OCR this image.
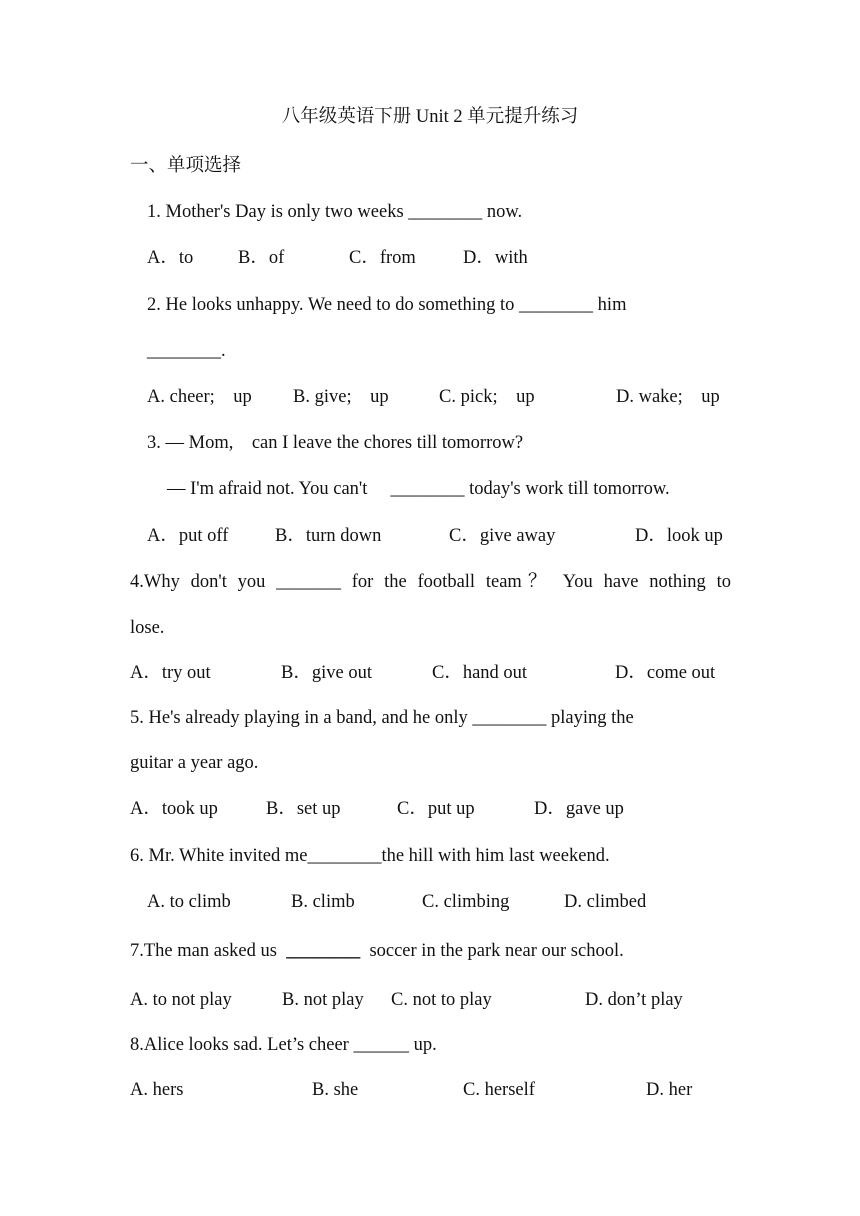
八年级英语下册 Unit 2 单元提升练习
一、单项选择
1. Mother's Day is only two weeks ________ now.
A．to B．of	C．from	D．with
2. He looks unhappy. We need to do something to ________ him
________.
A. cheer;    up B. give;    up	C. pick;    up	D. wake;    up
3. — Mom,    can I leave the chores till tomorrow?
— I'm afraid not. You can't     ________ today's work till tomorrow.
A．put off	B．turn down	C．give away	D．look up
4.Why don't you _______ for the football team？ You have nothing to
lose.
A．try out	B．give out	C．hand out	D．come out
5. He's already playing in a band, and he only ________ playing the
guitar a year ago.
A．took up	B．set up	C．put up	D．gave up
6. Mr. White invited me________the hill with him last weekend.
A. to climb	B. climb	C. climbing	D. climbed
7.The man asked us  ________  soccer in the park near our school.
A. to not play	B. not play C. not to play	D. don’t play
8.Alice looks sad. Let’s cheer ______ up.
A. hers	B. she	C. herself	D. her
